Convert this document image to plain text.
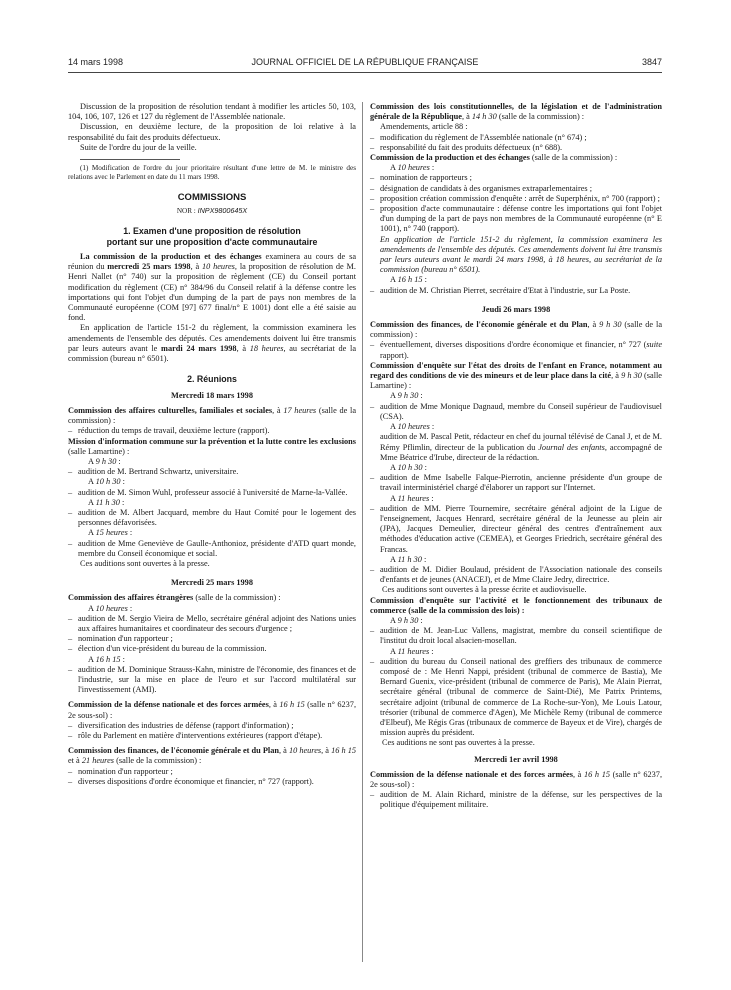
14 mars 1998	JOURNAL OFFICIEL DE LA RÉPUBLIQUE FRANÇAISE	3847

Discussion de la proposition de résolution tendant à modifier les articles 50, 103, 104, 106, 107, 126 et 127 du règlement de l'Assemblée nationale.

Discussion, en deuxième lecture, de la proposition de loi relative à la responsabilité du fait des produits défectueux.

Suite de l'ordre du jour de la veille.

(1) Modification de l'ordre du jour prioritaire résultant d'une lettre de M. le ministre des relations avec le Parlement en date du 11 mars 1998.

COMMISSIONS
NOR : INPX9800645X
1. Examen d'une proposition de résolution
portant sur une proposition d'acte communautaire

La commission de la production et des échanges examinera au cours de sa réunion du mercredi 25 mars 1998, à 10 heures, la proposition de résolution de M. Henri Nallet (n° 740) sur la proposition de règlement (CE) du Conseil portant modification du règlement (CE) n° 384/96 du Conseil relatif à la défense contre les importations qui font l'objet d'un dumping de la part de pays non membres de la Communauté européenne (COM [97] 677 final/n° E 1001) dont elle a été saisie au fond.

En application de l'article 151-2 du règlement, la commission examinera les amendements de l'ensemble des députés. Ces amendements doivent lui être transmis par leurs auteurs avant le mardi 24 mars 1998, à 18 heures, au secrétariat de la commission (bureau n° 6501).

2. Réunions
Mercredi 18 mars 1998

Commission des affaires culturelles, familiales et sociales, à 17 heures (salle de la commission) :

– réduction du temps de travail, deuxième lecture (rapport).

Mission d'information commune sur la prévention et la lutte contre les exclusions (salle Lamartine) :

A 9 h 30 :
– audition de M. Bertrand Schwartz, universitaire.
A 10 h 30 :
– audition de M. Simon Wuhl, professeur associé à l'université de Marne-la-Vallée.
A 11 h 30 :
– audition de M. Albert Jacquard, membre du Haut Comité pour le logement des personnes défavorisées.
A 15 heures :
– audition de Mme Geneviève de Gaulle-Anthonioz, présidente d'ATD quart monde, membre du Conseil économique et social.

Ces auditions sont ouvertes à la presse.

Mercredi 25 mars 1998

Commission des affaires étrangères (salle de la commission) :

A 10 heures :
– audition de M. Sergio Vieira de Mello, secrétaire général adjoint des Nations unies aux affaires humanitaires et coordinateur des secours d'urgence ;
– nomination d'un rapporteur ;
– élection d'un vice-président du bureau de la commission.
A 16 h 15 :
– audition de M. Dominique Strauss-Kahn, ministre de l'économie, des finances et de l'industrie, sur la mise en place de l'euro et sur l'accord multilatéral sur l'investissement (AMI).

Commission de la défense nationale et des forces armées, à 16 h 15 (salle n° 6237, 2e sous-sol) :

– diversification des industries de défense (rapport d'information) ;
– rôle du Parlement en matière d'interventions extérieures (rapport d'étape).

Commission des finances, de l'économie générale et du Plan, à 10 heures, à 16 h 15 et à 21 heures (salle de la commission) :

– nomination d'un rapporteur ;
– diverses dispositions d'ordre économique et financier, n° 727 (rapport).

Commission des lois constitutionnelles, de la législation et de l'administration générale de la République, à 14 h 30 (salle de la commission) :

Amendements, article 88 :
– modification du règlement de l'Assemblée nationale (n° 674) ;
– responsabilité du fait des produits défectueux (n° 688).

Commission de la production et des échanges (salle de la commission) :

A 10 heures :
– nomination de rapporteurs ;
– désignation de candidats à des organismes extraparlementaires ;
– proposition création commission d'enquête : arrêt de Superphénix, n° 700 (rapport) ;
– proposition d'acte communautaire : défense contre les importations qui font l'objet d'un dumping de la part de pays non membres de la Communauté européenne (n° E 1001), n° 740 (rapport).
En application de l'article 151-2 du règlement, la commission examinera les amendements de l'ensemble des députés. Ces amendements doivent lui être transmis par leurs auteurs avant le mardi 24 mars 1998, à 18 heures, au secrétariat de la commission (bureau n° 6501).
A 16 h 15 :
– audition de M. Christian Pierret, secrétaire d'Etat à l'industrie, sur La Poste.
Jeudi 26 mars 1998

Commission des finances, de l'économie générale et du Plan, à 9 h 30 (salle de la commission) :

– éventuellement, diverses dispositions d'ordre économique et financier, n° 727 (suite rapport).

Commission d'enquête sur l'état des droits de l'enfant en France, notamment au regard des conditions de vie des mineurs et de leur place dans la cité, à 9 h 30 (salle Lamartine) :

A 9 h 30 :
– audition de Mme Monique Dagnaud, membre du Conseil supérieur de l'audiovisuel (CSA).
A 10 heures :
audition de M. Pascal Petit, rédacteur en chef du journal télévisé de Canal J, et de M. Rémy Pflimlin, directeur de la publication du Journal des enfants, accompagné de Mme Béatrice d'Irube, directeur de la rédaction.
A 10 h 30 :
– audition de Mme Isabelle Falque-Pierrotin, ancienne présidente d'un groupe de travail interministériel chargé d'élaborer un rapport sur l'Internet.
A 11 heures :
– audition de MM. Pierre Tournemire, secrétaire général adjoint de la Ligue de l'enseignement, Jacques Henrard, secrétaire général de la Jeunesse au plein air (JPA), Jacques Demeulier, directeur général des centres d'entraînement aux méthodes d'éducation active (CEMEA), et Georges Friedrich, secrétaire général des Francas.
A 11 h 30 :
– audition de M. Didier Boulaud, président de l'Association nationale des conseils d'enfants et de jeunes (ANACEJ), et de Mme Claire Jedry, directrice.

Ces auditions sont ouvertes à la presse écrite et audiovisuelle.

Commission d'enquête sur l'activité et le fonctionnement des tribunaux de commerce (salle de la commission des lois) :

A 9 h 30 :
– audition de M. Jean-Luc Vallens, magistrat, membre du conseil scientifique de l'institut du droit local alsacien-mosellan.
A 11 heures :
– audition du bureau du Conseil national des greffiers des tribunaux de commerce composé de : Me Henri Nappi, président (tribunal de commerce de Bastia), Me Bernard Guenix, vice-président (tribunal de commerce de Paris), Me Alain Pierrat, secrétaire général (tribunal de commerce de Saint-Dié), Me Patrix Printems, secrétaire adjoint (tribunal de commerce de La Roche-sur-Yon), Me Louis Latour, trésorier (tribunal de commerce d'Agen), Me Michèle Remy (tribunal de commerce d'Elbeuf), Me Régis Gras (tribunaux de commerce de Bayeux et de Vire), chargés de mission auprès du président.

Ces auditions ne sont pas ouvertes à la presse.

Mercredi 1er avril 1998

Commission de la défense nationale et des forces armées, à 16 h 15 (salle n° 6237, 2e sous-sol) :

– audition de M. Alain Richard, ministre de la défense, sur les perspectives de la politique d'équipement militaire.
